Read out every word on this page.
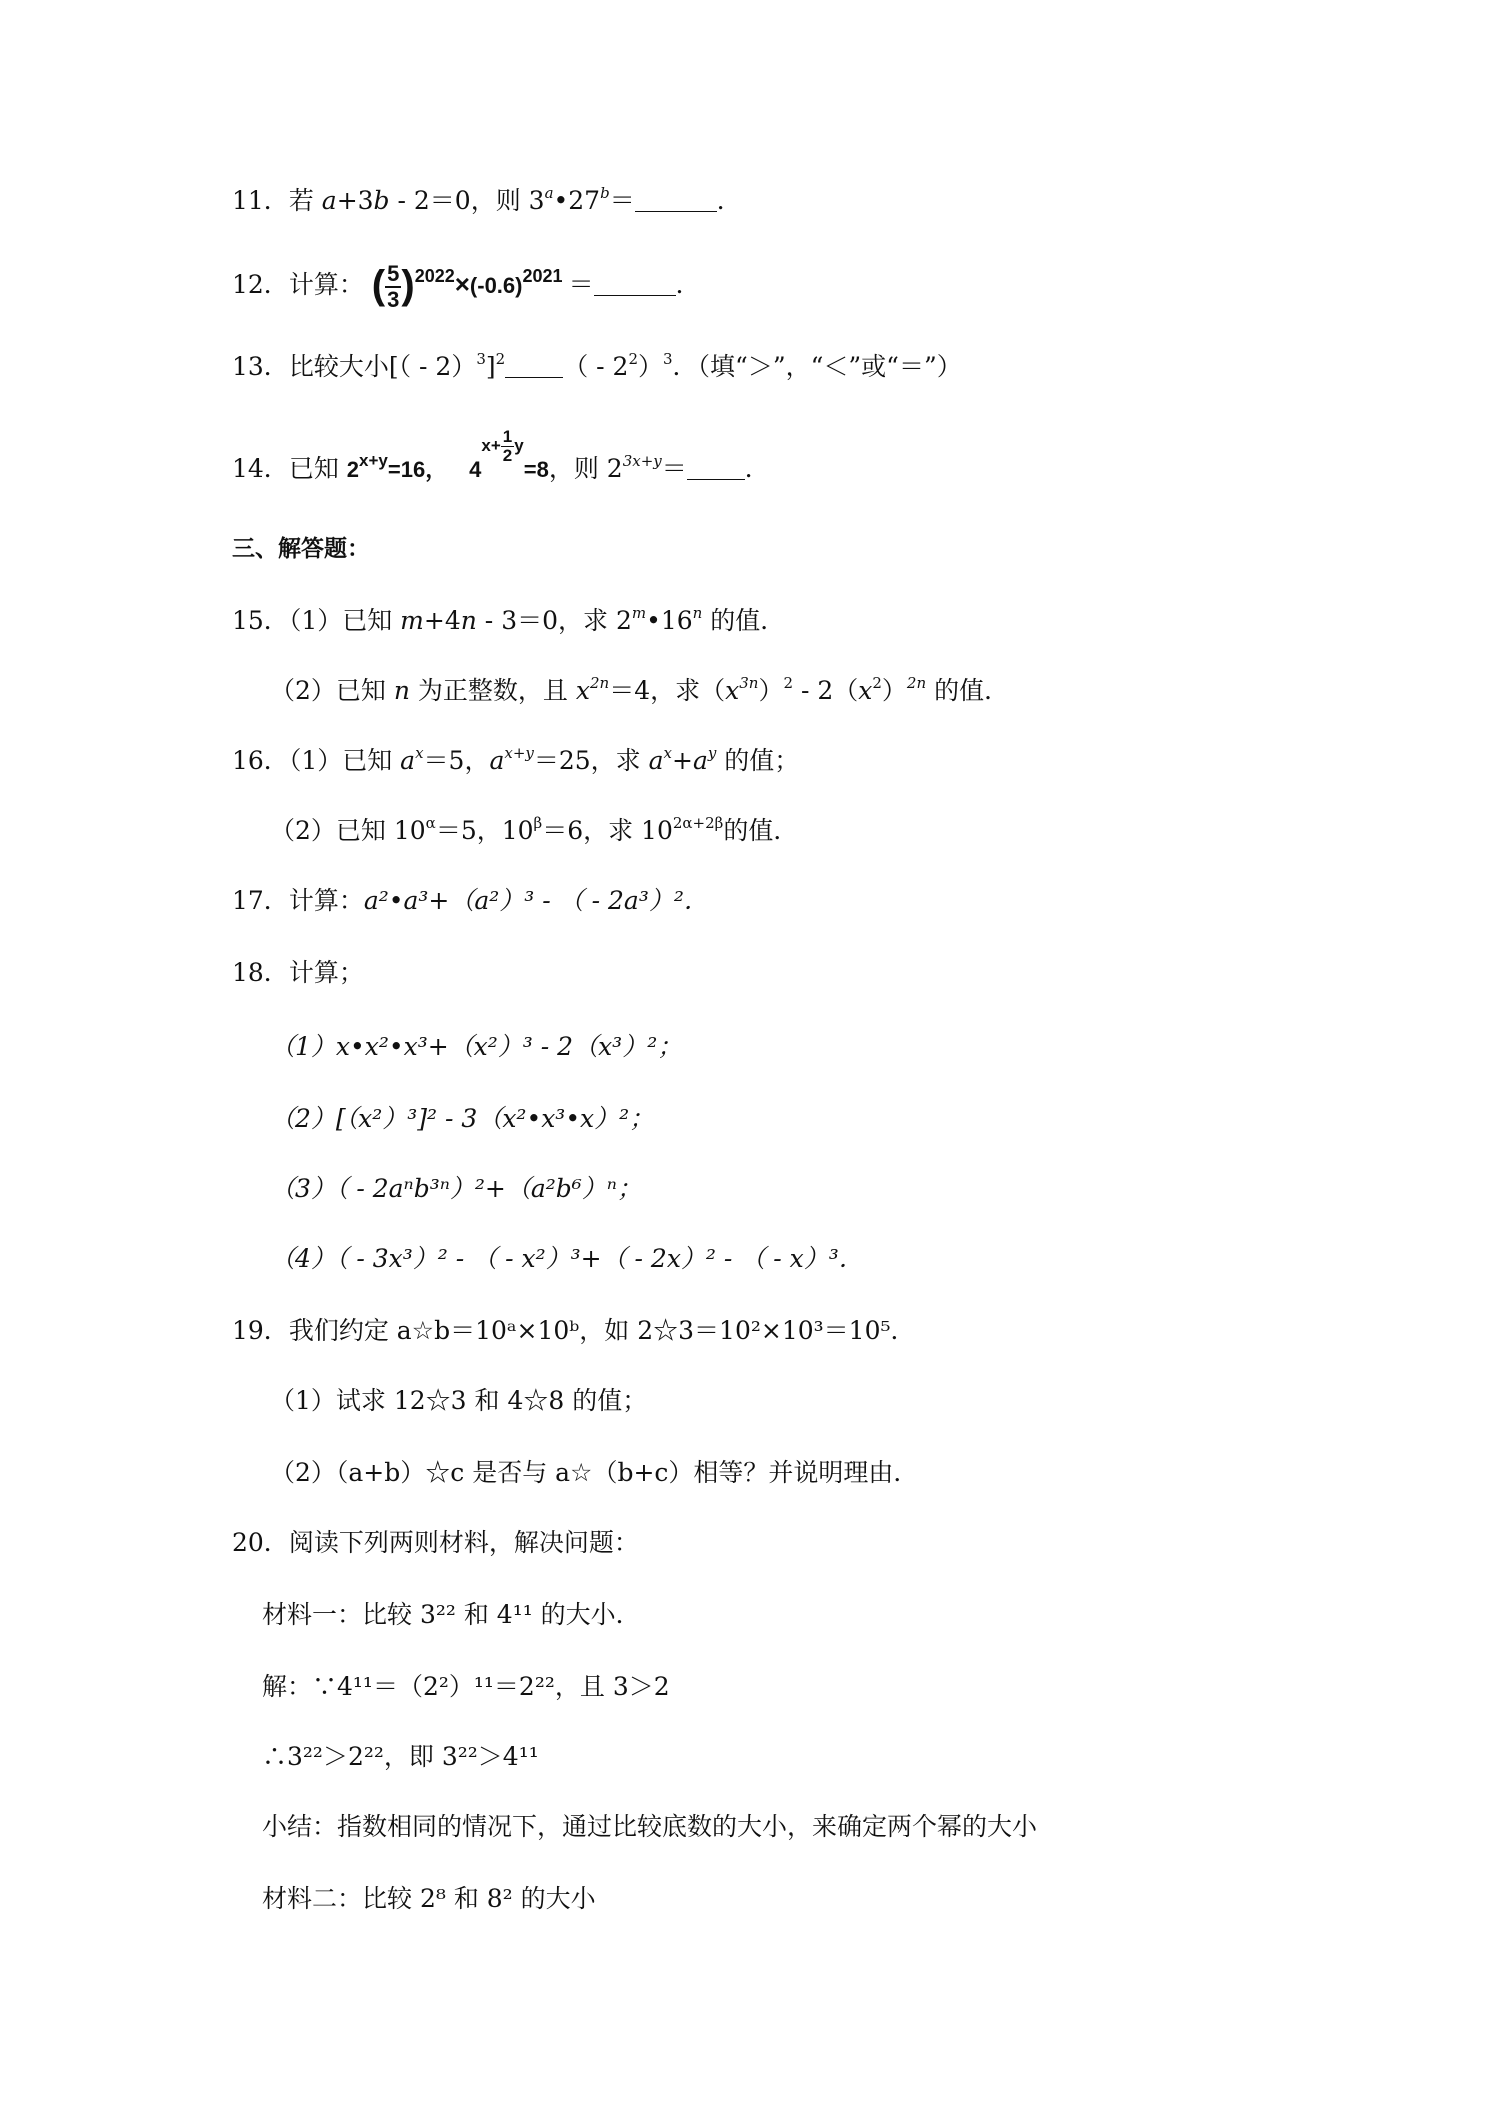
11．若 a+3b - 2＝0，则 $3^a•27^b=$	．
12．计算： ( $\frac{5}{3} )^{2022}\times(-0.6)^{2021}$ ＝	．
13．比较大小[（ - 2）$^3$]$^2$ （ - $2^2)^3$．（填“＞”，“＜”或“＝”）
14．已知 $2^{x+y}=16$， $4^{x+ \frac{1}{2} y}=8$，则 $2^{3x+y}=$ ．
三、解答题：
15．（1）已知 m+4n - 3＝0，求 2$^m$•16$^n$ 的值．
（2）已知 n 为正整数，且 $x^{2n}=4$，求$(x^{3n})^2 - 2(x^2)^{2n}$ 的值．
16．（1）已知 $a^x=5$，$a^{x+y}=25$，求 $a^x+a^y$ 的值；
（2）已知 $10^\alpha=5$，$10^\beta=6$，求 $10^{2\alpha+2\beta}$的值．
17．计算：a²•a³+（a²）³ - （ - 2a³）²．
18．计算；
（1）x•x²•x³+（x²）³ - 2（x³）²；
（2）[（x²）³]² - 3（x²•x³•x）²；
（3）（ - 2aⁿb³ⁿ）²+（a²b⁶）ⁿ；
（4）（ - 3x³）² - （ - x²）³+（ - 2x）² - （ - x）³．
19．我们约定 a☆b＝10ᵃ×10ᵇ，如 2☆3＝10²×10³＝10⁵．
（1）试求 12☆3 和 4☆8 的值；
（2）（a+b）☆c 是否与 a☆（b+c）相等？并说明理由．
20．阅读下列两则材料，解决问题：
材料一：比较 3²² 和 4¹¹ 的大小．
解：∵4¹¹＝（2²）¹¹＝2²²，且 3＞2
∴3²²＞2²²，即 3²²＞4¹¹
小结：指数相同的情况下，通过比较底数的大小，来确定两个幂的大小
材料二：比较 2⁸ 和 8² 的大小
